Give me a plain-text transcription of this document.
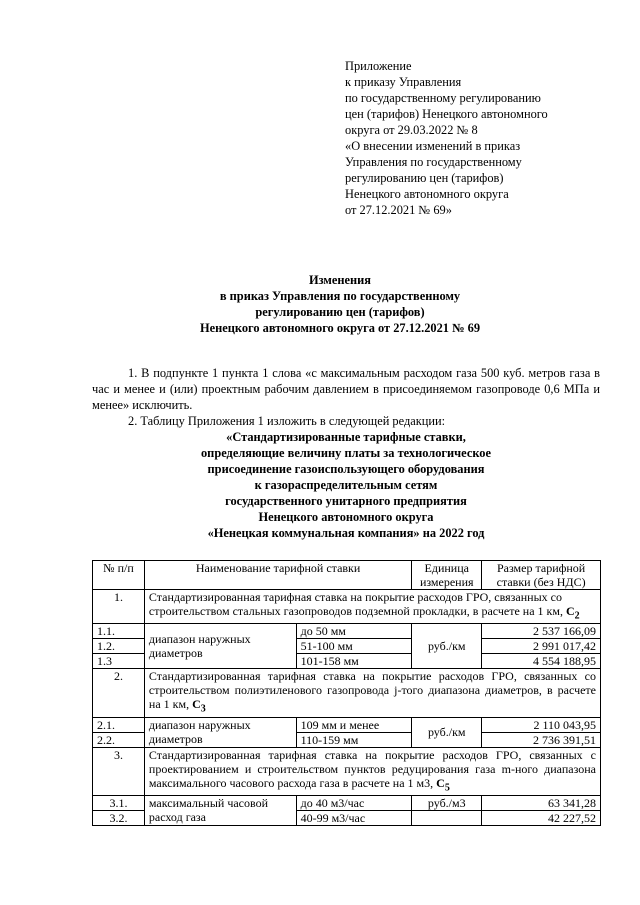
Приложение
к приказу Управления
по государственному регулированию
цен (тарифов) Ненецкого автономного
округа от 29.03.2022 № 8
«О внесении изменений в приказ
Управления по государственному
регулированию цен (тарифов)
Ненецкого автономного округа
от 27.12.2021 № 69»
Изменения
в приказ Управления по государственному
регулированию цен (тарифов)
Ненецкого автономного округа от 27.12.2021 № 69

1. В подпункте 1 пункта 1 слова «с максимальным расходом газа 500 куб. метров газа в час и менее и (или) проектным рабочим давлением в присоединяемом газопроводе 0,6 МПа и менее» исключить.

2. Таблицу Приложения 1 изложить в следующей редакции:

«Стандартизированные тарифные ставки,
определяющие величину платы за технологическое
присоединение газоиспользующего оборудования
к газораспределительным сетям
государственного унитарного предприятия
Ненецкого автономного округа
«Ненецкая коммунальная компания» на 2022 год
№ п/п	Наименование тарифной ставки		Единица измерения	Размер тарифной ставки (без НДС)
1.	Стандартизированная тарифная ставка на покрытие расходов ГРО, связанных со строительством стальных газопроводов подземной прокладки, в расчете на 1 км, $C_2$
1.1.	диапазон наружных диаметров	до 50 мм	руб./км	2 537 166,09
1.2.		51-100 мм		2 991 017,42
1.3		101-158 мм		4 554 188,95
2.	Стандартизированная тарифная ставка на покрытие расходов ГРО, связанных со строительством полиэтиленового газопровода j-того диапазона диаметров, в расчете на 1 км, $C_3$
2.1.	диапазон наружных диаметров	109 мм и менее	руб./км	2 110 043,95
2.2.		110-159 мм		2 736 391,51
3.	Стандартизированная тарифная ставка на покрытие расходов ГРО, связанных с проектированием и строительством пунктов редуцирования газа m-ного диапазона максимального часового расхода газа в расчете на 1 м3, $C_5$
3.1.	максимальный часовой расход газа	до 40 м3/час	руб./м3	63 341,28
3.2.		40-99 м3/час		42 227,52
